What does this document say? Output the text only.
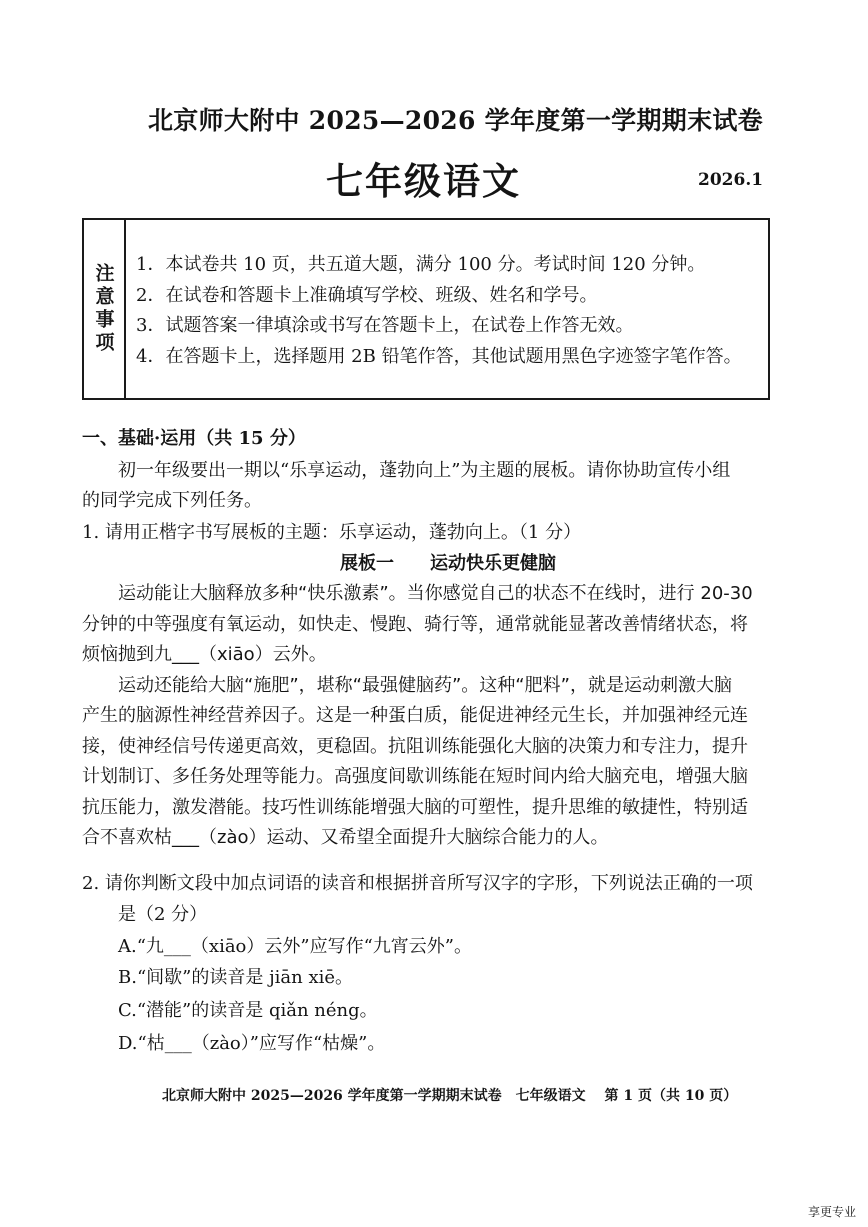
北京师大附中 2025—2026 学年度第一学期期末试卷
七年级语文	2026.1
注意事项 1．本试卷共 10 页，共五道大题，满分 100 分。考试时间 120 分钟。
2．在试卷和答题卡上准确填写学校、班级、姓名和学号。
3．试题答案一律填涂或书写在答题卡上，在试卷上作答无效。
4．在答题卡上，选择题用 2B 铅笔作答，其他试题用黑色字迹签字笔作答。
一、基础·运用（共 15 分）
初一年级要出一期以“乐享运动，蓬勃向上”为主题的展板。请你协助宣传小组
的同学完成下列任务。
1. 请用正楷字书写展板的主题：乐享运动，蓬勃向上。（1 分）
展板一　　运动快乐更健脑
运动能让大脑释放多种“快乐激素”。当你感觉自己的状态不在线时，进行 20-30
分钟的中等强度有氧运动，如快走、慢跑、骑行等，通常就能显著改善情绪状态，将
烦恼抛到九___（xiāo）云外。
运动还能给大脑“施肥”，堪称“最强健脑药”。这种“肥料”，就是运动刺激大脑
产生的脑源性神经营养因子。这是一种蛋白质，能促进神经元生长，并加强神经元连
接，使神经信号传递更高效，更稳固。抗阻训练能强化大脑的决策力和专注力，提升
计划制订、多任务处理等能力。高强度间歇训练能在短时间内给大脑充电，增强大脑
抗压能力，激发潜能。技巧性训练能增强大脑的可塑性，提升思维的敏捷性，特别适
合不喜欢枯___（zào）运动、又希望全面提升大脑综合能力的人。
2. 请你判断文段中加点词语的读音和根据拼音所写汉字的字形，下列说法正确的一项
是（2 分）
A.“九___（xiāo）云外”应写作“九宵云外”。
B.“间歇”的读音是 jiān xiē。
C.“潜能”的读音是 qiǎn néng。
D.“枯___（zào）”应写作“枯燥”。
北京师大附中 2025—2026 学年度第一学期期末试卷　七年级语文　 第 1 页（共 10 页）
享更专业
